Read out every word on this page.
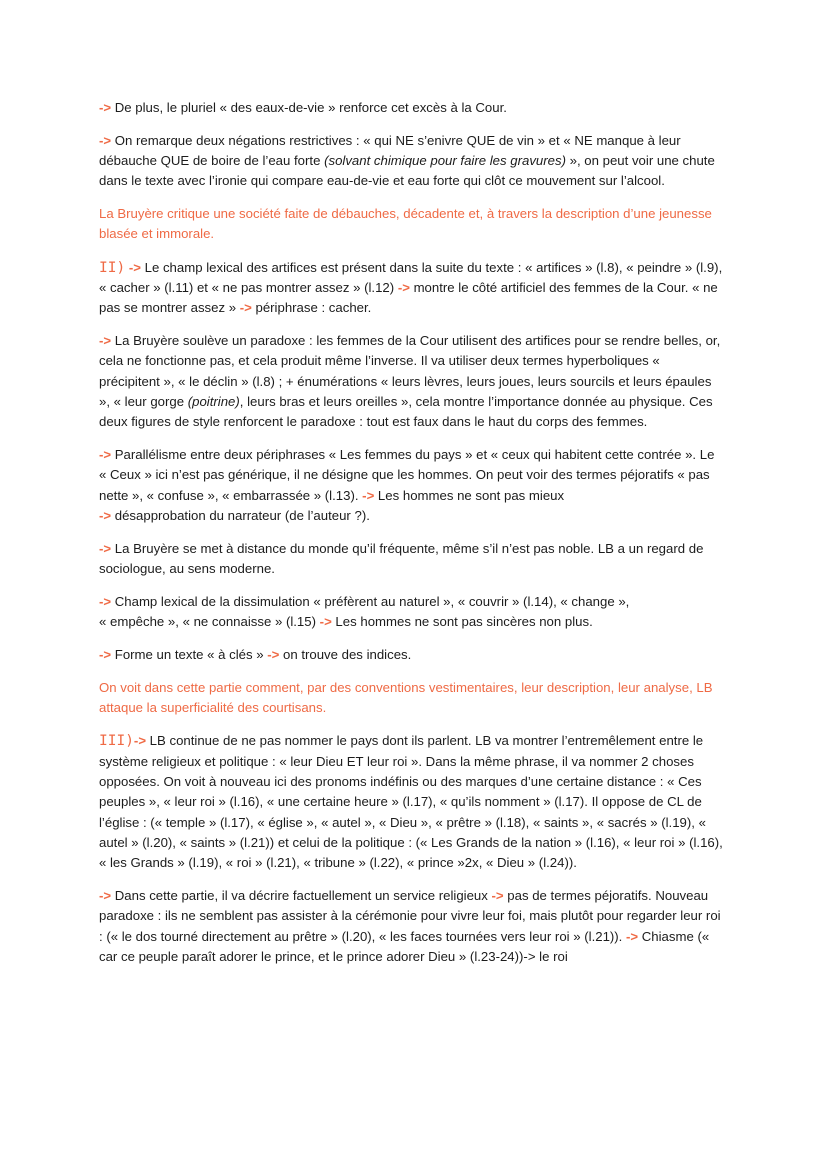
-> De plus, le pluriel « des eaux-de-vie » renforce cet excès à la Cour.

-> On remarque deux négations restrictives : « qui NE s’enivre QUE de vin » et « NE manque à leur débauche QUE de boire de l’eau forte (solvant chimique pour faire les gravures) », on peut voir une chute dans le texte avec l’ironie qui compare eau-de-vie et eau forte qui clôt ce mouvement sur l’alcool.

La Bruyère critique une société faite de débauches, décadente et, à travers la description d’une jeunesse blasée et immorale.

II) -> Le champ lexical des artifices est présent dans la suite du texte : « artifices » (l.8), « peindre » (l.9), « cacher » (l.11) et « ne pas montrer assez » (l.12) -> montre le côté artificiel des femmes de la Cour. « ne pas se montrer assez » -> périphrase : cacher.

-> La Bruyère soulève un paradoxe : les femmes de la Cour utilisent des artifices pour se rendre belles, or, cela ne fonctionne pas, et cela produit même l’inverse. Il va utiliser deux termes hyperboliques « précipitent », « le déclin » (l.8) ; + énumérations « leurs lèvres, leurs joues, leurs sourcils et leurs épaules », « leur gorge (poitrine), leurs bras et leurs oreilles », cela montre l’importance donnée au physique. Ces deux figures de style renforcent le paradoxe : tout est faux dans le haut du corps des femmes.

-> Parallélisme entre deux périphrases « Les femmes du pays » et « ceux qui habitent cette contrée ». Le « Ceux » ici n’est pas générique, il ne désigne que les hommes. On peut voir des termes péjoratifs « pas nette », « confuse », « embarrassée » (l.13). -> Les hommes ne sont pas mieux
-> désapprobation du narrateur (de l’auteur ?).

-> La Bruyère se met à distance du monde qu’il fréquente, même s’il n’est pas noble. LB a un regard de sociologue, au sens moderne.

-> Champ lexical de la dissimulation « préfèrent au naturel », « couvrir » (l.14), « change »,
« empêche », « ne connaisse » (l.15) -> Les hommes ne sont pas sincères non plus.

-> Forme un texte « à clés » -> on trouve des indices.

On voit dans cette partie comment, par des conventions vestimentaires, leur description, leur analyse, LB attaque la superficialité des courtisans.

III)-> LB continue de ne pas nommer le pays dont ils parlent. LB va montrer l’entremêlement entre le système religieux et politique : « leur Dieu ET leur roi ». Dans la même phrase, il va nommer 2 choses opposées. On voit à nouveau ici des pronoms indéfinis ou des marques d’une certaine distance : « Ces peuples », « leur roi » (l.16), « une certaine heure » (l.17), « qu’ils nomment » (l.17). Il oppose de CL de l’église : (« temple » (l.17), « église », « autel », « Dieu », « prêtre » (l.18), « saints », « sacrés » (l.19), « autel » (l.20), « saints » (l.21)) et celui de la politique : (« Les Grands de la nation » (l.16), « leur roi » (l.16), « les Grands » (l.19), « roi » (l.21), « tribune » (l.22), « prince »2x, « Dieu » (l.24)).

-> Dans cette partie, il va décrire factuellement un service religieux -> pas de termes péjoratifs. Nouveau paradoxe : ils ne semblent pas assister à la cérémonie pour vivre leur foi, mais plutôt pour regarder leur roi : (« le dos tourné directement au prêtre » (l.20), « les faces tournées vers leur roi » (l.21)). -> Chiasme (« car ce peuple paraît adorer le prince, et le prince adorer Dieu » (l.23-24))-> le roi
